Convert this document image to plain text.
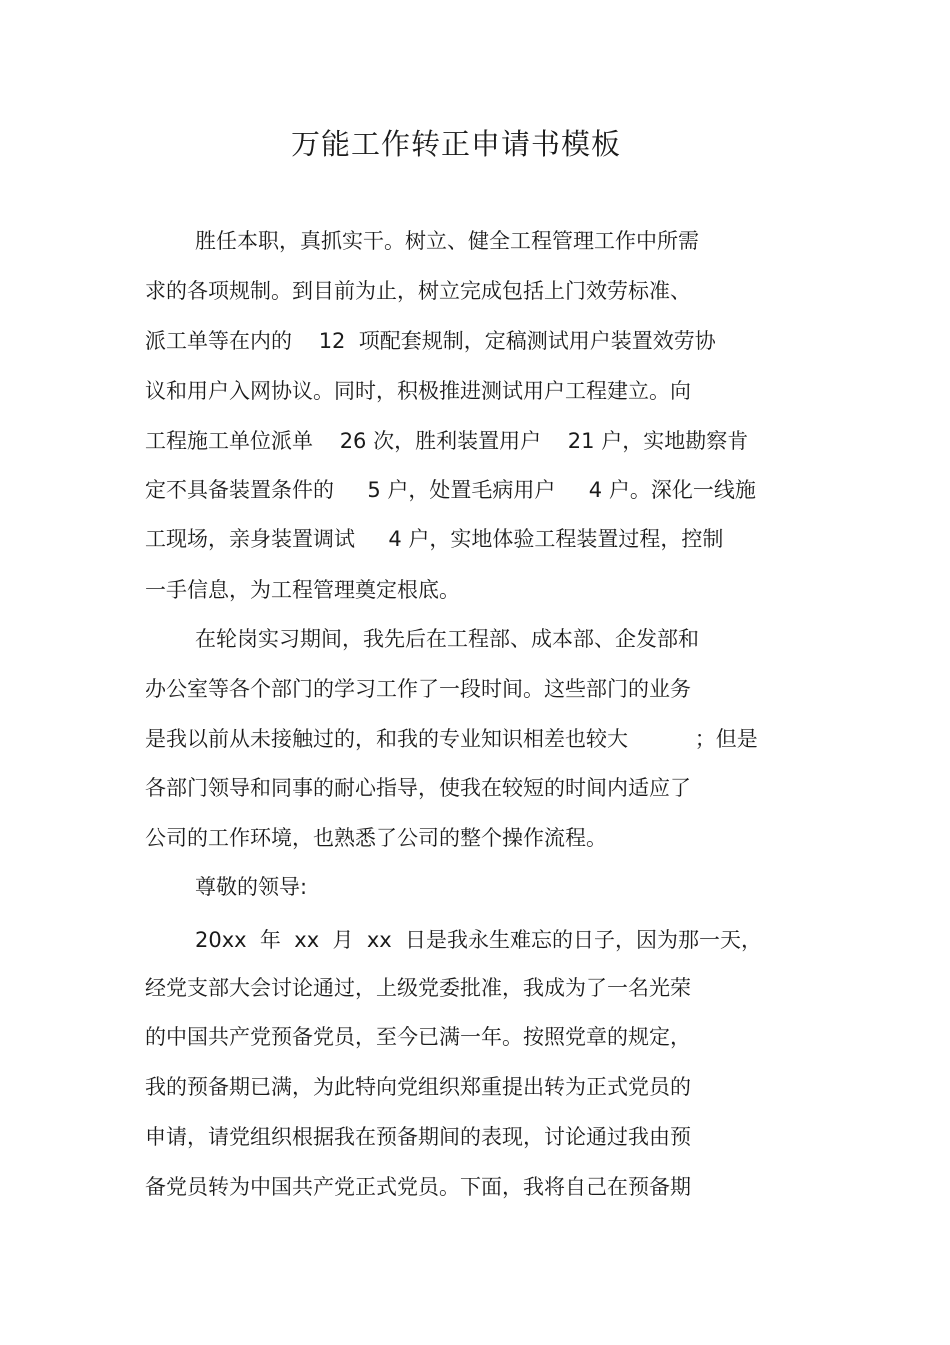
万能工作转正申请书模板

胜任本职，真抓实干。树立、健全工程管理工作中所需

求的各项规制。到目前为止，树立完成包括上门效劳标准、

派工单等在内的    12  项配套规制，定稿测试用户装置效劳协

议和用户入网协议。同时，积极推进测试用户工程建立。向

工程施工单位派单    26 次，胜利装置用户    21 户，实地勘察肯

定不具备装置条件的     5 户，处置毛病用户     4 户。深化一线施

工现场，亲身装置调试     4 户，实地体验工程装置过程，控制

一手信息，为工程管理奠定根底。

在轮岗实习期间，我先后在工程部、成本部、企发部和

办公室等各个部门的学习工作了一段时间。这些部门的业务

是我以前从未接触过的，和我的专业知识相差也较大          ；但是

各部门领导和同事的耐心指导，使我在较短的时间内适应了

公司的工作环境，也熟悉了公司的整个操作流程。

尊敬的领导:

20xx  年  xx  月  xx  日是我永生难忘的日子，因为那一天，

经党支部大会讨论通过，上级党委批准，我成为了一名光荣

的中国共产党预备党员，至今已满一年。按照党章的规定，

我的预备期已满，为此特向党组织郑重提出转为正式党员的

申请，请党组织根据我在预备期间的表现，讨论通过我由预

备党员转为中国共产党正式党员。下面，我将自己在预备期
